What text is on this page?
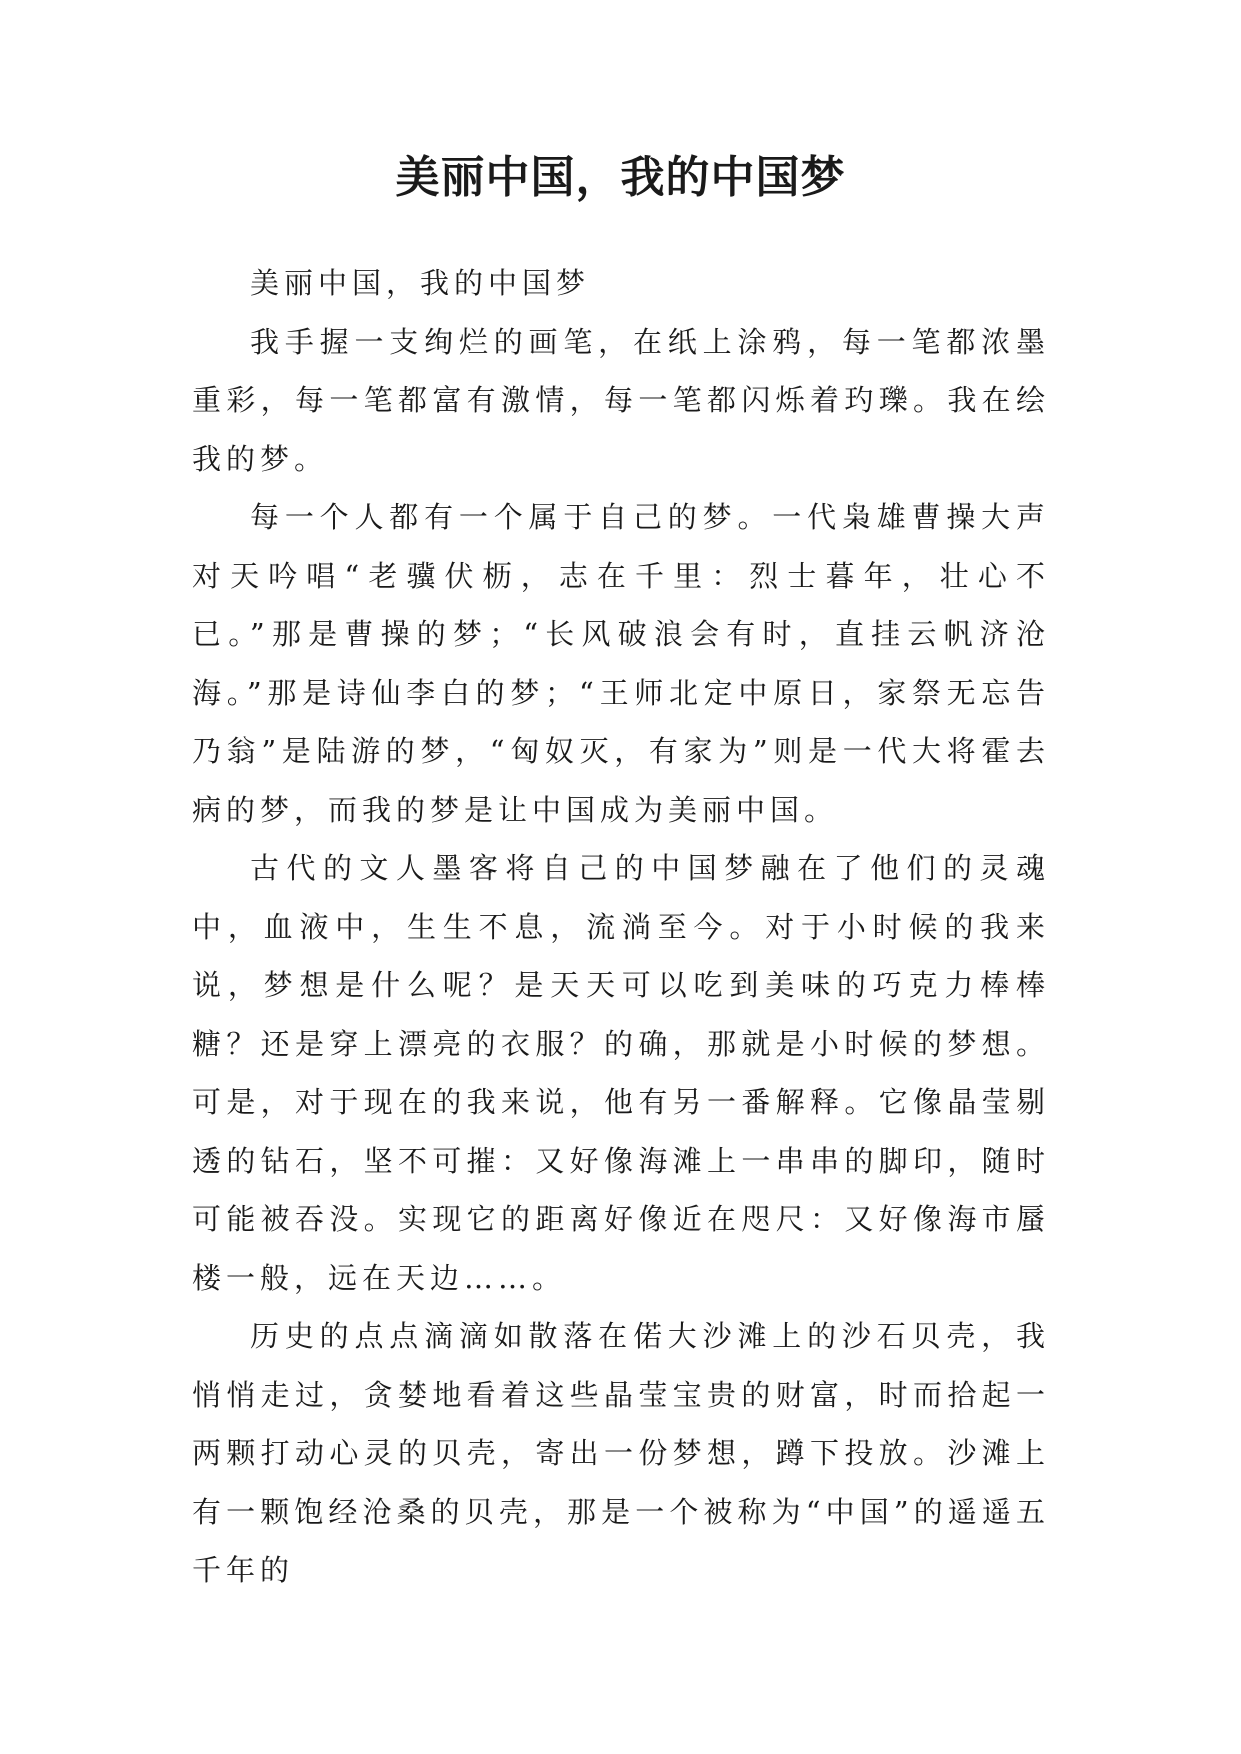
美丽中国，我的中国梦

美丽中国，我的中国梦

我手握一支绚烂的画笔，在纸上涂鸦，每一笔都浓墨重彩，每一笔都富有激情，每一笔都闪烁着玓瓅。我在绘我的梦。

每一个人都有一个属于自己的梦。一代枭雄曹操大声对天吟唱“老骥伏枥，志在千里：烈士暮年，壮心不已。”那是曹操的梦；“长风破浪会有时，直挂云帆济沧海。”那是诗仙李白的梦；“王师北定中原日，家祭无忘告乃翁”是陆游的梦，“匈奴灭，有家为”则是一代大将霍去病的梦，而我的梦是让中国成为美丽中国。

古代的文人墨客将自己的中国梦融在了他们的灵魂中，血液中，生生不息，流淌至今。对于小时候的我来说，梦想是什么呢？是天天可以吃到美味的巧克力棒棒糖？还是穿上漂亮的衣服？的确，那就是小时候的梦想。可是，对于现在的我来说，他有另一番解释。它像晶莹剔透的钻石，坚不可摧：又好像海滩上一串串的脚印，随时可能被吞没。实现它的距离好像近在咫尺：又好像海市蜃楼一般，远在天边……。

历史的点点滴滴如散落在偌大沙滩上的沙石贝壳，我悄悄走过，贪婪地看着这些晶莹宝贵的财富，时而拾起一两颗打动心灵的贝壳，寄出一份梦想，蹲下投放。沙滩上有一颗饱经沧桑的贝壳，那是一个被称为“中国”的遥遥五千年的
